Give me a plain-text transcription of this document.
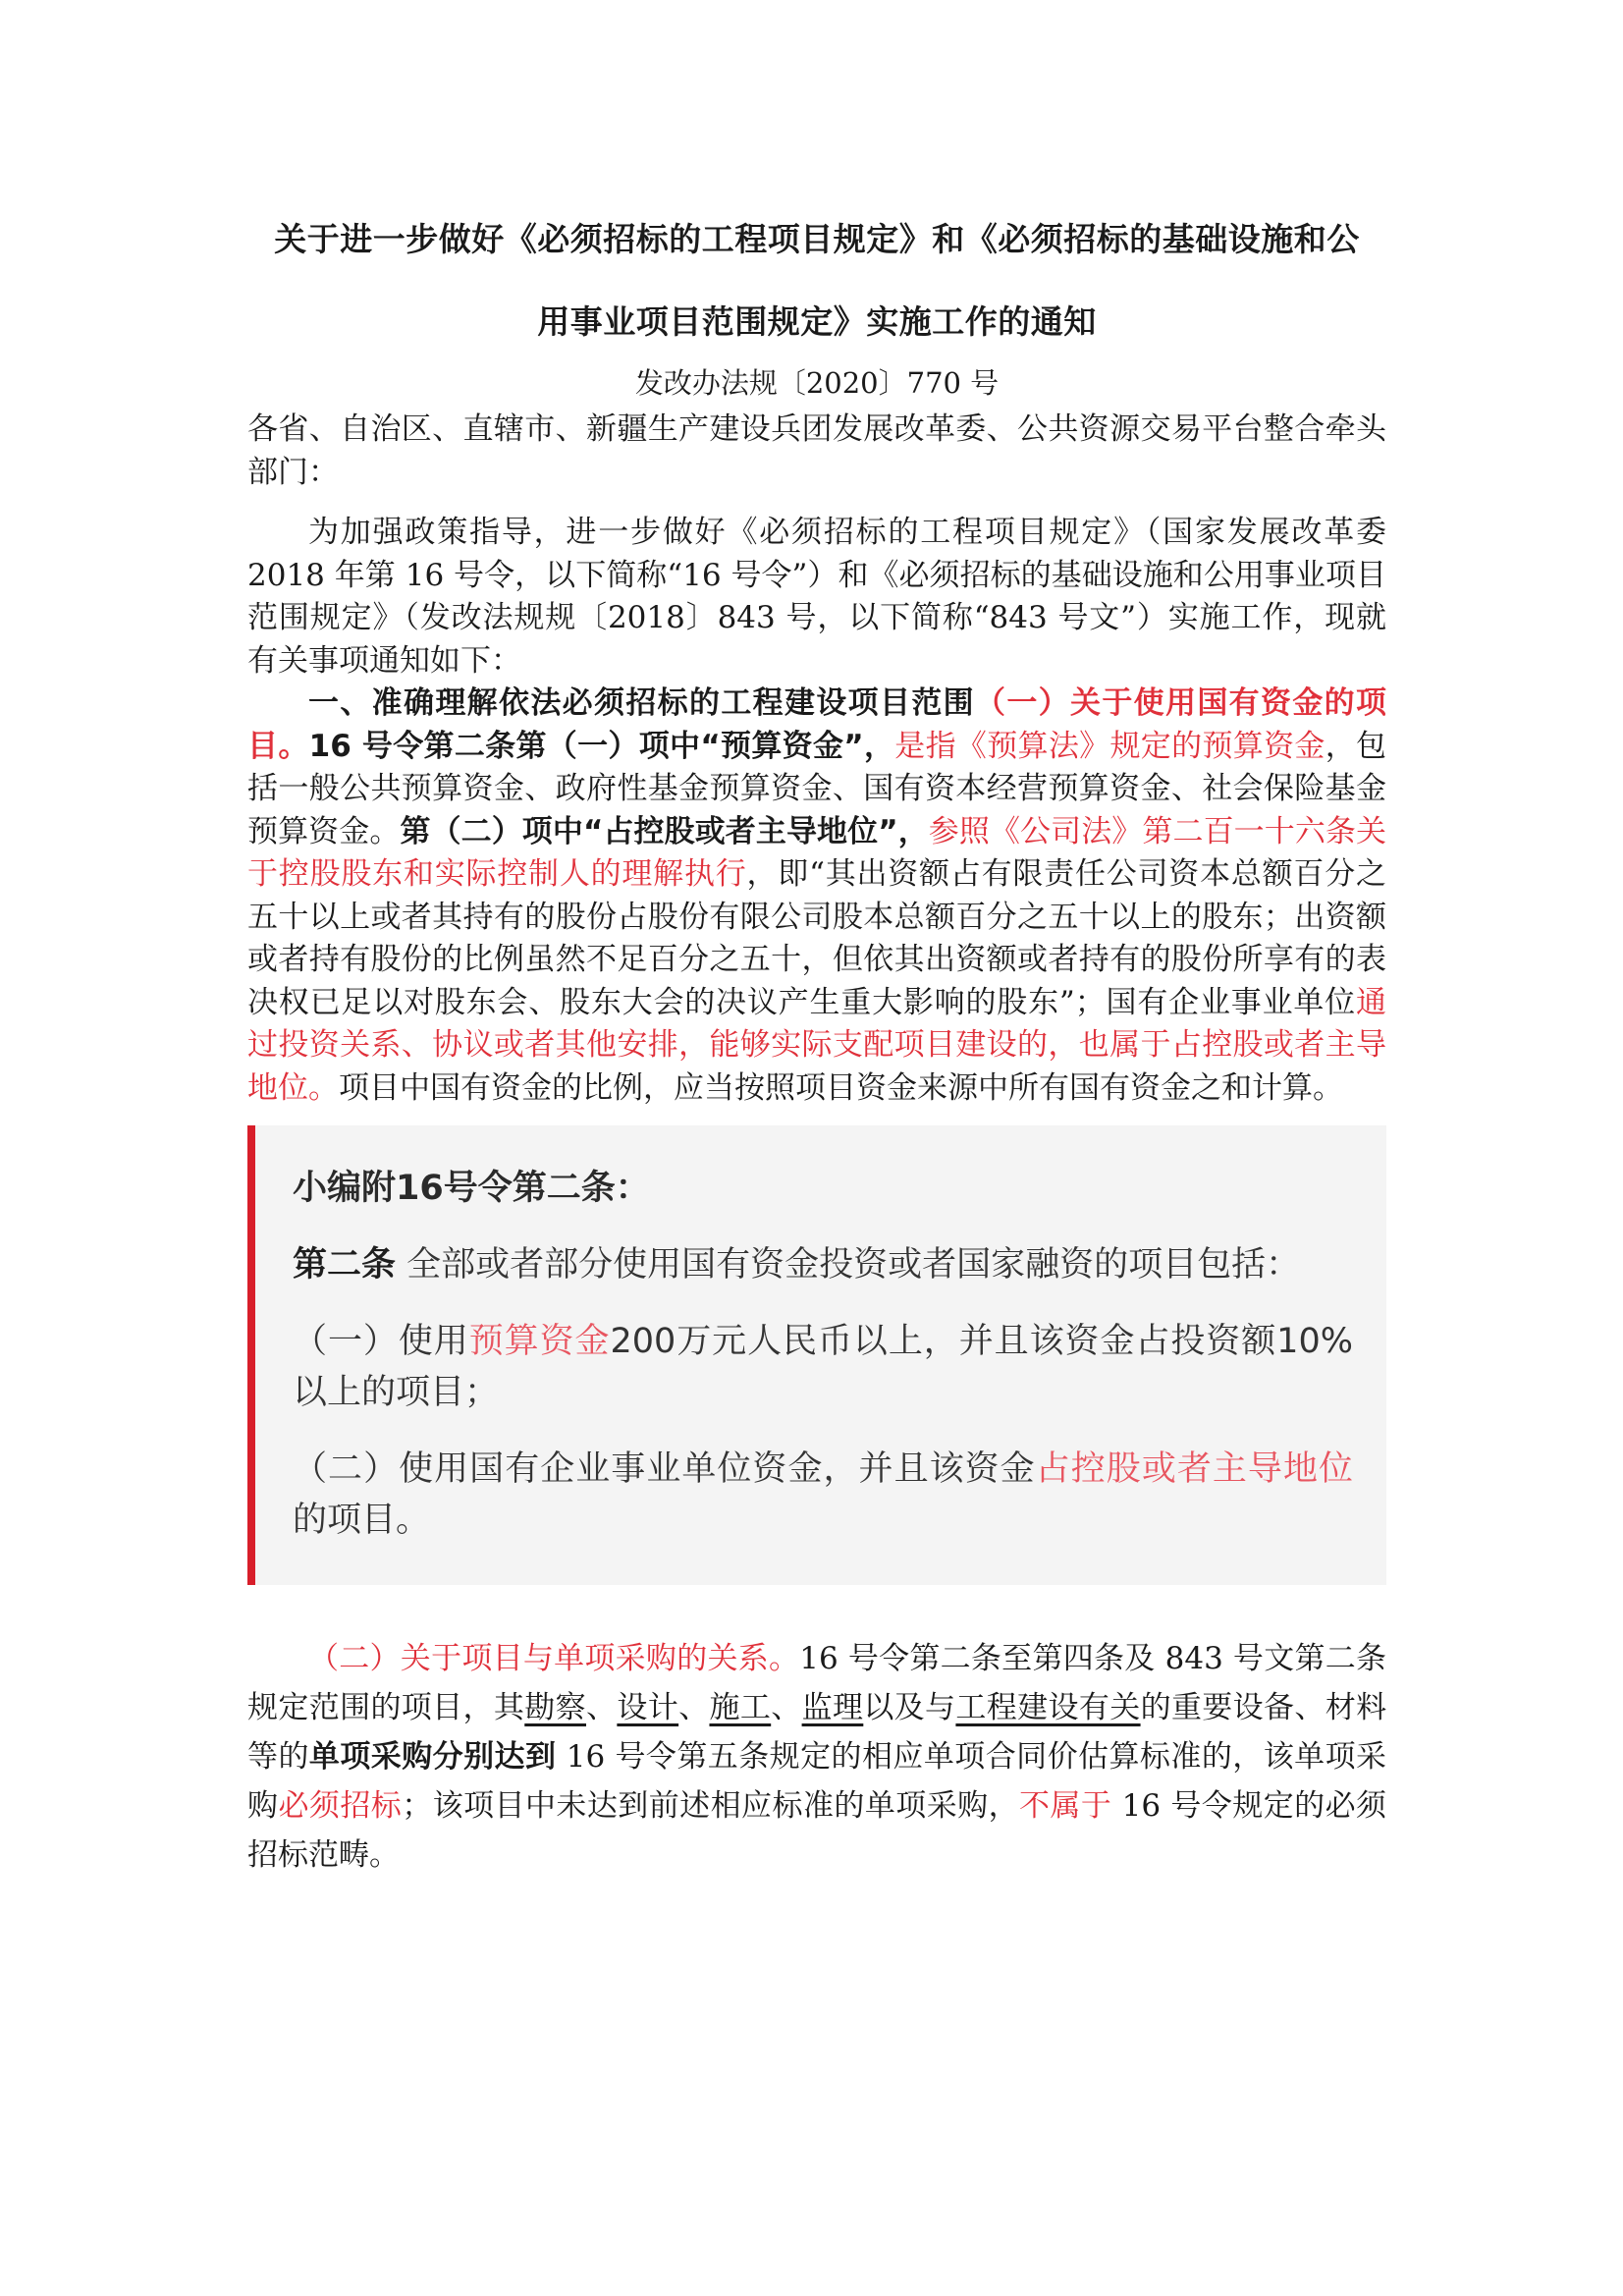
关于进一步做好《必须招标的工程项目规定》和《必须招标的基础设施和公
用事业项目范围规定》实施工作的通知
发改办法规〔2020〕770 号

各省、自治区、直辖市、新疆生产建设兵团发展改革委、公共资源交易平台整合牵头部门：

为加强政策指导，进一步做好《必须招标的工程项目规定》（国家发展改革委 2018 年第 16 号令，以下简称“16 号令”）和《必须招标的基础设施和公用事业项目范围规定》（发改法规规〔2018〕843 号，以下简称“843 号文”）实施工作，现就有关事项通知如下：

一、准确理解依法必须招标的工程建设项目范围（一）关于使用国有资金的项目。16 号令第二条第（一）项中“预算资金”，是指《预算法》规定的预算资金，包括一般公共预算资金、政府性基金预算资金、国有资本经营预算资金、社会保险基金预算资金。第（二）项中“占控股或者主导地位”，参照《公司法》第二百一十六条关于控股股东和实际控制人的理解执行，即“其出资额占有限责任公司资本总额百分之五十以上或者其持有的股份占股份有限公司股本总额百分之五十以上的股东；出资额或者持有股份的比例虽然不足百分之五十，但依其出资额或者持有的股份所享有的表决权已足以对股东会、股东大会的决议产生重大影响的股东”；国有企业事业单位通过投资关系、协议或者其他安排，能够实际支配项目建设的，也属于占控股或者主导地位。项目中国有资金的比例，应当按照项目资金来源中所有国有资金之和计算。

小编附16号令第二条：

第二条 全部或者部分使用国有资金投资或者国家融资的项目包括：

（一）使用预算资金200万元人民币以上，并且该资金占投资额10%以上的项目；

（二）使用国有企业事业单位资金，并且该资金占控股或者主导地位的项目。

（二）关于项目与单项采购的关系。16 号令第二条至第四条及 843 号文第二条规定范围的项目，其勘察、设计、施工、监理以及与工程建设有关的重要设备、材料等的单项采购分别达到 16 号令第五条规定的相应单项合同价估算标准的，该单项采购必须招标；该项目中未达到前述相应标准的单项采购，不属于 16 号令规定的必须招标范畴。
